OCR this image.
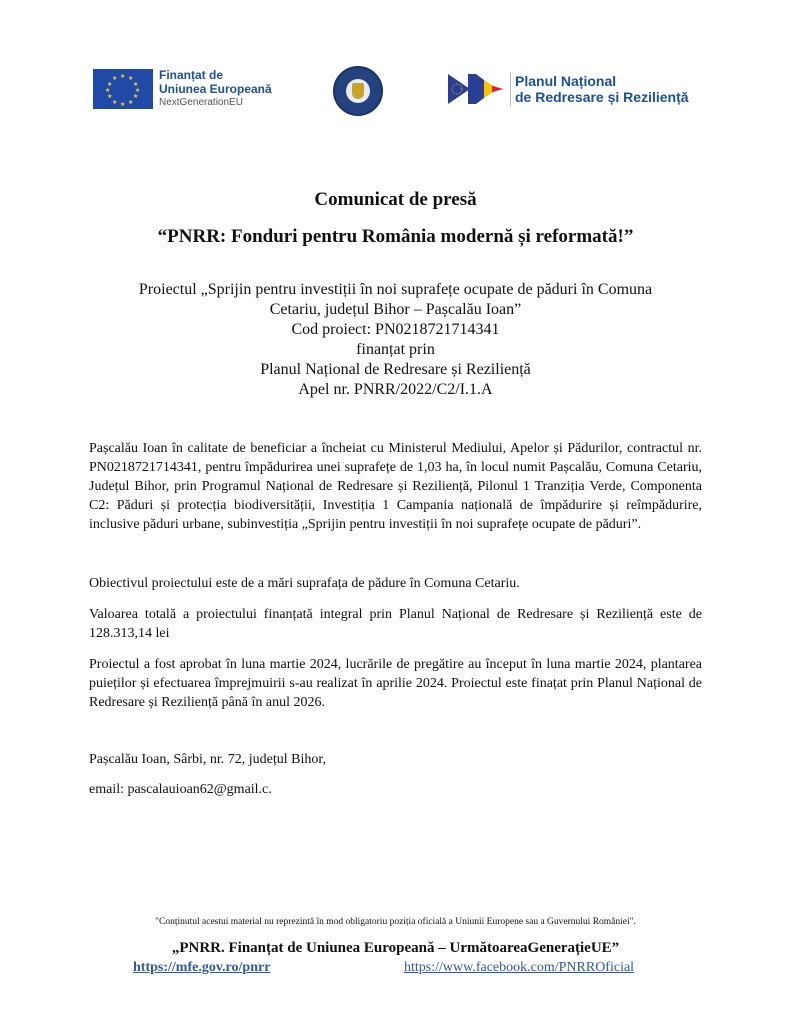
★ ★
★
★
★
★
★
★
★
★
★
★	Finanțat de
Uniunea Europeană
NextGenerationEU
Planul Național
de Redresare și Reziliență
Comunicat de presă
“PNRR: Fonduri pentru România modernă și reformată!”
Proiectul „Sprijin pentru investiții în noi suprafețe ocupate de păduri în Comuna
Cetariu, județul Bihor – Pașcalău Ioan”
Cod proiect: PN0218721714341
finanțat prin
Planul Național de Redresare și Reziliență
Apel nr. PNRR/2022/C2/I.1.A
Pașcalău Ioan în calitate de beneficiar a încheiat cu Ministerul Mediului, Apelor și Pădurilor, contractul nr. PN0218721714341, pentru împădurirea unei suprafețe de 1,03 ha, în locul numit Pașcalău, Comuna Cetariu, Județul Bihor, prin Programul Național de Redresare și Reziliență, Pilonul 1 Tranziția Verde, Componenta C2: Păduri și protecția biodiversității, Investiția 1 Campania națională de împădurire și reîmpădurire, inclusive păduri urbane, subinvestiția „Sprijin pentru investiții în noi suprafețe ocupate de păduri”.
Obiectivul proiectului este de a mări suprafața de pădure în Comuna Cetariu.
Valoarea totală a proiectului finanțată integral prin Planul Național de Redresare și Reziliență este de 128.313,14 lei
Proiectul a fost aprobat în luna martie 2024, lucrările de pregătire au început în luna martie 2024, plantarea puieților și efectuarea împrejmuirii s-au realizat în aprilie 2024. Proiectul este finațat prin Planul Național de Redresare și Reziliență până în anul 2026.
Pașcalău Ioan, Sârbi, nr. 72, județul Bihor,
email: pascalauioan62@gmail.c.
"Conținutul acestui material nu reprezintă în mod obligatoriu poziția oficială a Uniunii Europene sau a Guvernului României".
„PNRR. Finanțat de Uniunea Europeană – UrmătoareaGenerațieUE”
https://mfe.gov.ro/pnrr	https://www.facebook.com/PNRROficial
